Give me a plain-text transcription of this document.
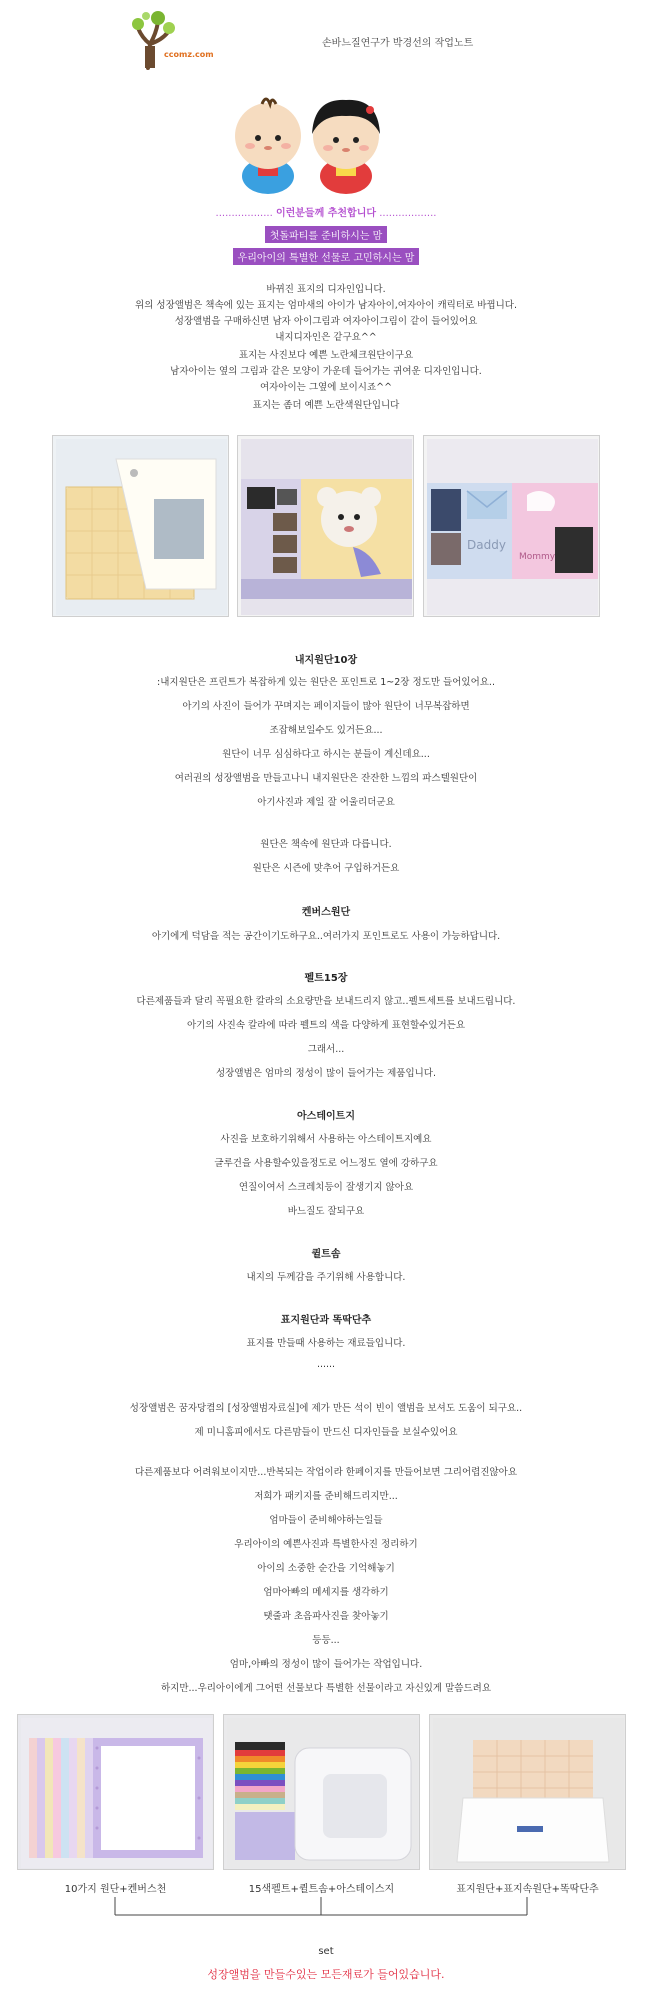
ccomz.com
손바느질연구가 박경선의 작업노트
.................. 이런분들께 추천합니다 ..................
첫돌파티를 준비하시는 맘
우리아이의 특별한 선물로 고민하시는 맘
바뀌진 표지의 디자인입니다.
위의 성장앨범은 책속에 있는 표지는 엄마새의 아이가 남자아이,여자아이 캐릭터로 바뀝니다.
성장앨범을 구매하신면 남자 아이그림과 여자아이그림이 같이 들어있어요
내지디자인은 같구요^^
표지는 사진보다 예쁜 노란체크원단이구요
남자아이는 옆의 그림과 같은 모양이 가운데 들어가는 귀여운 디자인입니다.
여자아이는 그옆에 보이시죠^^
표지는 좀더 예쁜 노란색원단입니다
Daddy
Mommy
내지원단10장
:내지원단은 프린트가 복잡하게 있는 원단은 포인트로 1~2장 정도만 들어있어요..
아기의 사진이 들어가 꾸며지는 페이지들이 많아 원단이 너무복잡하면
조잡해보일수도 있거든요...
원단이 너무 심심하다고 하시는 분들이 계신데요...
여러권의 성장앨범을 만들고나니 내지원단은 잔잔한 느낌의 파스텔원단이
아기사진과 제일 잘 어울리더군요
원단은 책속에 원단과 다릅니다.
원단은 시즌에 맞추어 구입하거든요
켄버스원단
아기에게 덕담을 적는 공간이기도하구요..여러가지 포인트로도 사용이 가능하답니다.
펠트15장
다른제품들과 달리 꼭필요한 칼라의 소요량만을 보내드리지 않고..펠트세트를 보내드립니다.
아기의 사진속 칼라에 따라 펠트의 색을 다양하게 표현할수있거든요
그래서...
성장앨범은 엄마의 정성이 많이 들어가는 제품입니다.
아스테이트지
사진을 보호하기위해서 사용하는 아스테이트지예요
글루건을 사용할수있을정도로 어느정도 열에 강하구요
연질이여서 스크레치등이 잘생기지 않아요
바느질도 잘되구요
퀼트솜
내지의 두께감을 주기위해 사용합니다.
표지원단과 똑딱단추
표지를 만들때 사용하는 재료들입니다.
......
성장앨범은 꿈자당켬의 [성장앨범자료실]에 제가 만든 석이 빈이 앨범을 보셔도 도움이 되구요..
제 미니홈피에서도 다른맘들이 만드신 디자인들을 보실수있어요
다른제품보다 어려워보이지만...반복되는 작업이라 한페이지를 만들어보면 그리어렵진않아요
저희가 패키지를 준비해드리지만...
엄마들이 준비해야하는일들
우리아이의 예쁜사진과 특별한사진 정리하기
아이의 소중한 순간을 기억해놓기
엄마아빠의 메세지를 생각하기
탯줄과 초음파사진을 찾아놓기
등등...
엄마,아빠의 정성이 많이 들어가는 작업입니다.
하지만...우리아이에게 그어떤 선물보다 특별한 선물이라고 자신있게 말씀드려요
10가지 원단+켄버스천	15색펠트+퀼트솜+아스테이스지	표지원단+표지속원단+똑딱단추
set
성장앨범을 만들수있는 모든재료가 들어있습니다.
